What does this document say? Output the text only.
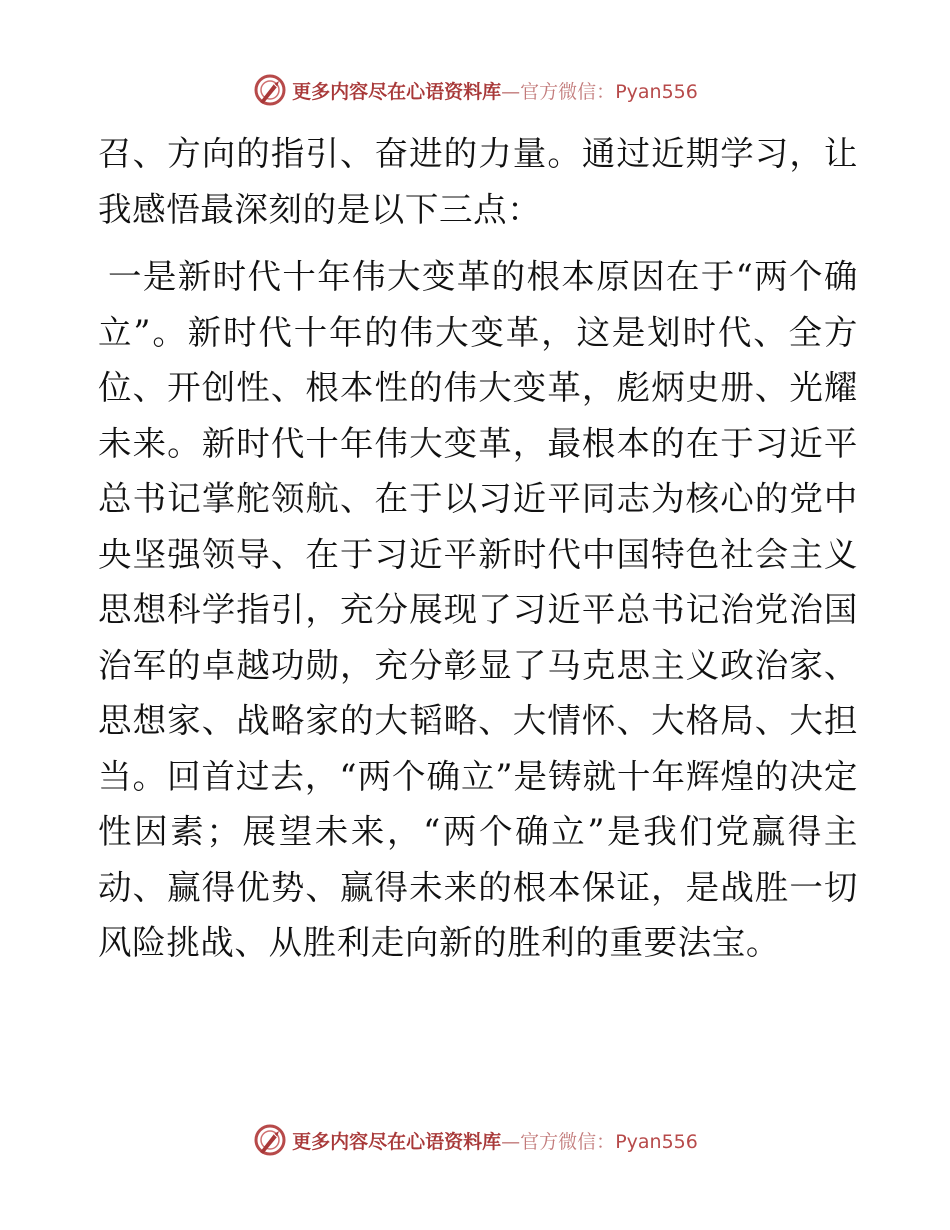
更多内容尽在心语资料库—官方微信：Pyan556

召、方向的指引、奋进的力量。通过近期学习，让我感悟最深刻的是以下三点：

一是新时代十年伟大变革的根本原因在于“两个确立”。新时代十年的伟大变革，这是划时代、全方位、开创性、根本性的伟大变革，彪炳史册、光耀未来。新时代十年伟大变革，最根本的在于习近平总书记掌舵领航、在于以习近平同志为核心的党中央坚强领导、在于习近平新时代中国特色社会主义思想科学指引，充分展现了习近平总书记治党治国治军的卓越功勋，充分彰显了马克思主义政治家、思想家、战略家的大韬略、大情怀、大格局、大担当。回首过去，“两个确立”是铸就十年辉煌的决定性因素；展望未来，“两个确立”是我们党赢得主动、赢得优势、赢得未来的根本保证，是战胜一切风险挑战、从胜利走向新的胜利的重要法宝。

更多内容尽在心语资料库—官方微信：Pyan556
